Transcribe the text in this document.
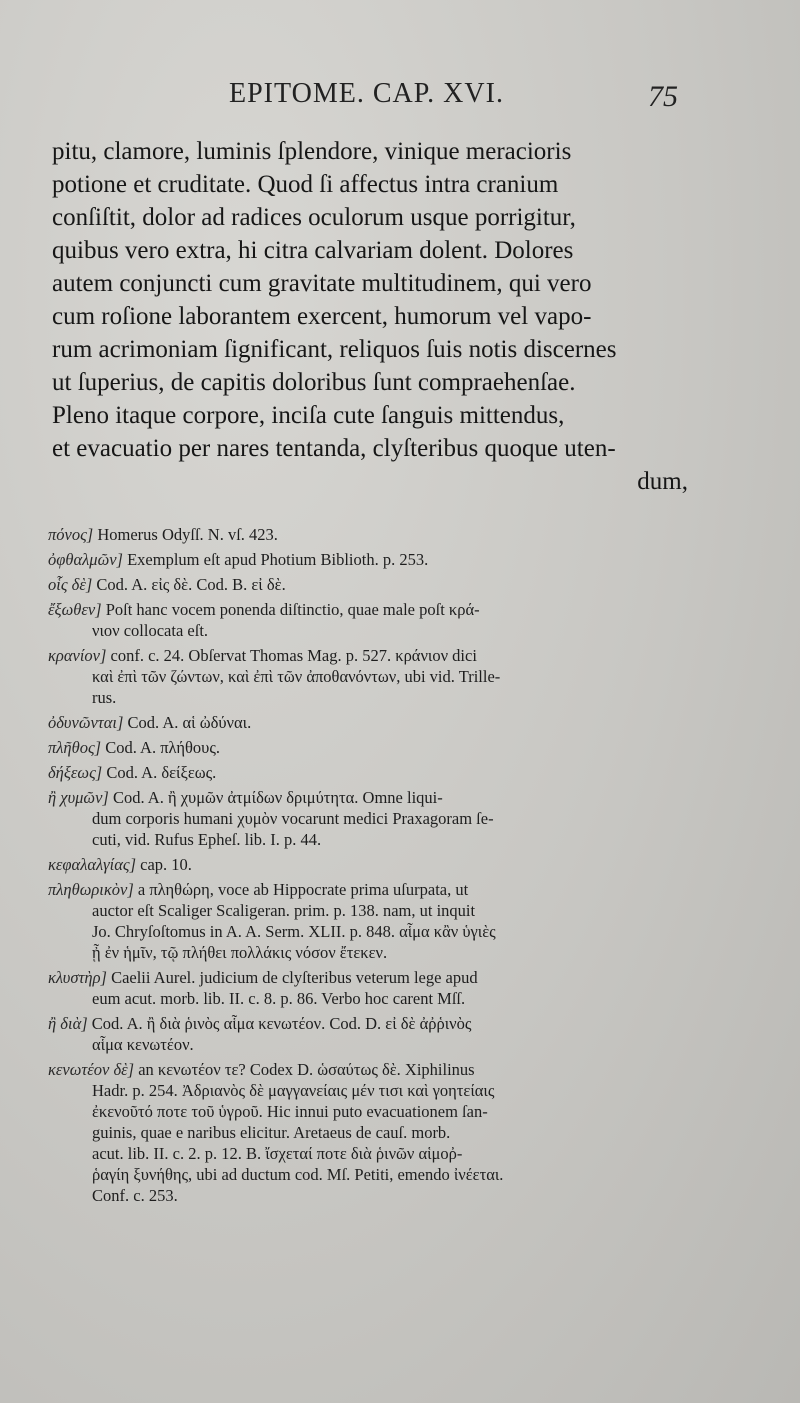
EPITOME. CAP. XVI.	75
pitu, clamore, luminis ſplendore, vinique meracioris
potione et cruditate. Quod ſi affectus intra cranium
conſiſtit, dolor ad radices oculorum usque porrigitur,
quibus vero extra, hi citra calvariam dolent. Dolores
autem conjuncti cum gravitate multitudinem, qui vero
cum roſione laborantem exercent, humorum vel vapo-
rum acrimoniam ſignificant, reliquos ſuis notis discernes
ut ſuperius, de capitis doloribus ſunt compraehenſae.
Pleno itaque corpore, inciſa cute ſanguis mittendus,
et evacuatio per nares tentanda, clyſteribus quoque uten-
dum,
πόνος] Homerus Odyſſ. N. vſ. 423.
ὀφθαλμῶν] Exemplum eſt apud Photium Biblioth. p. 253.
οἷς δὲ] Cod. A. εἰς δὲ. Cod. B. εἰ δὲ.
ἔξωθεν] Poſt hanc vocem ponenda diſtinctio, quae male poſt κρά-
νιον collocata eſt.
κρανίον] conf. c. 24. Obſervat Thomas Mag. p. 527. κράνιον dici
καὶ ἐπὶ τῶν ζώντων, καὶ ἐπὶ τῶν ἀποθανόντων, ubi vid. Trille-
rus.
ὀδυνῶνται] Cod. A. αἱ ὠδύναι.
πλῆθος] Cod. A. πλήθους.
δήξεως] Cod. A. δείξεως.
ἢ χυμῶν] Cod. A. ἢ χυμῶν ἀτμίδων δριμύτητα. Omne liqui-
dum corporis humani χυμὸν vocarunt medici Praxagoram ſe-
cuti, vid. Rufus Epheſ. lib. I. p. 44.
κεφαλαλγίας] cap. 10.
πληθωρικὸν] a πληθώρη, voce ab Hippocrate prima uſurpata, ut
auctor eſt Scaliger Scaligeran. prim. p. 138. nam, ut inquit
Jo. Chryſoſtomus in A. A. Serm. XLII. p. 848. αἷμα κἂν ὑγιὲς
ᾖ ἐν ἡμῖν, τῷ πλήθει πολλάκις νόσον ἔτεκεν.
κλυστὴρ] Caelii Aurel. judicium de clyſteribus veterum lege apud
eum acut. morb. lib. II. c. 8. p. 86. Verbo hoc carent Mſſ.
ἢ διὰ] Cod. A. ἢ διὰ ῥινὸς αἷμα κενωτέον. Cod. D. εἰ δὲ ἀῤῥινὸς
αἷμα κενωτέον.
κενωτέον δὲ] an κενωτέον τε? Codex D. ὡσαύτως δὲ. Xiphilinus
Hadr. p. 254. Ἀδριανὸς δὲ μαγγανείαις μέν τισι καὶ γοητείαις
ἐκενοῦτό ποτε τοῦ ὑγροῦ. Hic innui puto evacuationem ſan-
guinis, quae e naribus elicitur. Aretaeus de cauſ. morb.
acut. lib. II. c. 2. p. 12. B. ἴσχεταί ποτε διὰ ῥινῶν αἱμοῤ-
ῥαγίη ξυνήθης, ubi ad ductum cod. Mſ. Petiti, emendo ἰνέεται.
Conf. c. 253.
